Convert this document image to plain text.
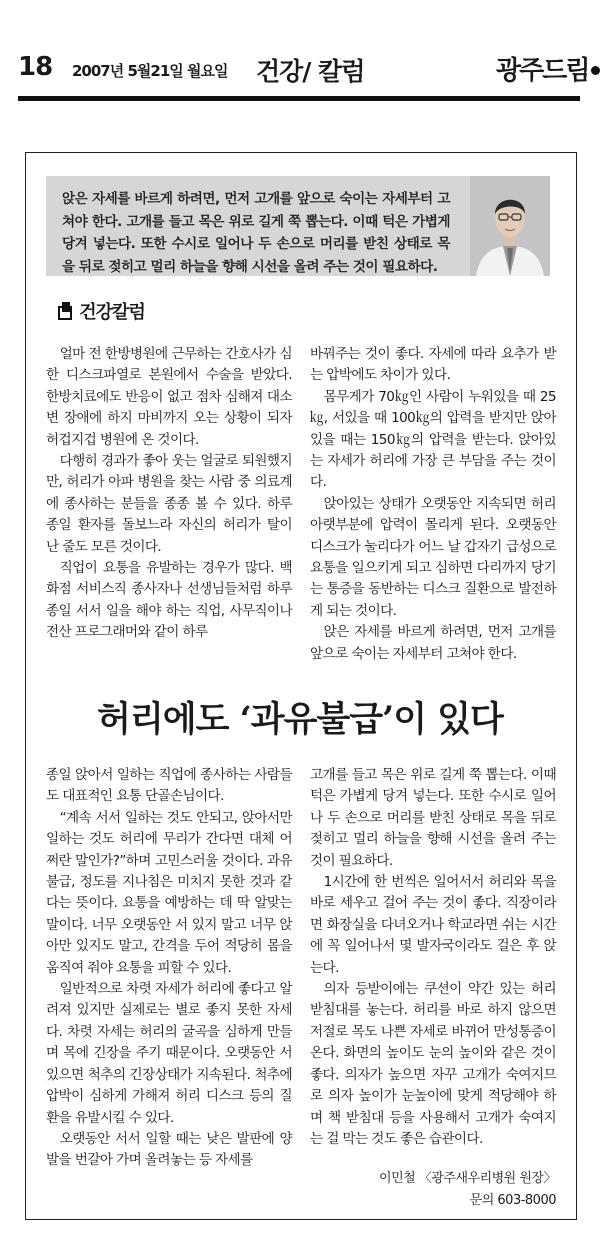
18 2007년 5월21일 월요일 건강/ 칼럼	광주드림
앉은 자세를 바르게 하려면, 먼저 고개를 앞으로 숙이는 자세부터 고쳐야 한다. 고개를 들고 목은 위로 길게 쭉 뽑는다. 이때 턱은 가볍게 당겨 넣는다. 또한 수시로 일어나 두 손으로 머리를 받친 상태로 목을 뒤로 젖히고 멀리 하늘을 향해 시선을 올려 주는 것이 필요하다.
건강칼럼

얼마 전 한방병원에 근무하는 간호사가 심한 디스크파열로 본원에서 수술을 받았다. 한방치료에도 반응이 없고 점차 심해져 대소변 장애에 하지 마비까지 오는 상황이 되자 허겁지겁 병원에 온 것이다.

다행히 경과가 좋아 웃는 얼굴로 퇴원했지만, 허리가 아파 병원을 찾는 사람 중 의료계에 종사하는 분들을 종종 볼 수 있다. 하루 종일 환자를 돌보느라 자신의 허리가 탈이 난 줄도 모른 것이다.

직업이 요통을 유발하는 경우가 많다. 백화점 서비스직 종사자나 선생님들처럼 하루 종일 서서 일을 해야 하는 직업, 사무직이나 전산 프로그래머와 같이 하루

바꿔주는 것이 좋다. 자세에 따라 요추가 받는 압박에도 차이가 있다.

몸무게가 70㎏인 사람이 누워있을 때 25㎏, 서있을 때 100㎏의 압력을 받지만 앉아 있을 때는 150㎏의 압력을 받는다. 앉아있는 자세가 허리에 가장 큰 부담을 주는 것이다.

앉아있는 상태가 오랫동안 지속되면 허리 아랫부분에 압력이 몰리게 된다. 오랫동안 디스크가 눌리다가 어느 날 갑자기 급성으로 요통을 일으키게 되고 심하면 다리까지 당기는 통증을 동반하는 디스크 질환으로 발전하게 되는 것이다.

앉은 자세를 바르게 하려면, 먼저 고개를 앞으로 숙이는 자세부터 고쳐야 한다.

허리에도 ‘과유불급’이 있다

종일 앉아서 일하는 직업에 종사하는 사람들도 대표적인 요통 단골손님이다.

“계속 서서 일하는 것도 안되고, 앉아서만 일하는 것도 허리에 무리가 간다면 대체 어쩌란 말인가?”하며 고민스러울 것이다. 과유불급, 정도를 지나침은 미치지 못한 것과 같다는 뜻이다. 요통을 예방하는 데 딱 알맞는 말이다. 너무 오랫동안 서 있지 말고 너무 앉아만 있지도 말고, 간격을 두어 적당히 몸을 움직여 줘야 요통을 피할 수 있다.

일반적으로 차렷 자세가 허리에 좋다고 알려져 있지만 실제로는 별로 좋지 못한 자세다. 차렷 자세는 허리의 굴곡을 심하게 만들며 목에 긴장을 주기 때문이다. 오랫동안 서 있으면 척추의 긴장상태가 지속된다. 척추에 압박이 심하게 가해져 허리 디스크 등의 질환을 유발시킬 수 있다.

오랫동안 서서 일할 때는 낮은 발판에 양발을 번갈아 가며 올려놓는 등 자세를

고개를 들고 목은 위로 길게 쭉 뽑는다. 이때 턱은 가볍게 당겨 넣는다. 또한 수시로 일어나 두 손으로 머리를 받친 상태로 목을 뒤로 젖히고 멀리 하늘을 향해 시선을 올려 주는 것이 필요하다.

1시간에 한 번씩은 일어서서 허리와 목을 바로 세우고 걸어 주는 것이 좋다. 직장이라면 화장실을 다녀오거나 학교라면 쉬는 시간에 꼭 일어나서 몇 발자국이라도 걸은 후 앉는다.

의자 등받이에는 쿠션이 약간 있는 허리 받침대를 놓는다. 허리를 바로 하지 않으면 저절로 목도 나쁜 자세로 바뀌어 만성통증이 온다. 화면의 높이도 눈의 높이와 같은 것이 좋다. 의자가 높으면 자꾸 고개가 숙여지므로 의자 높이가 눈높이에 맞게 적당해야 하며 책 받침대 등을 사용해서 고개가 숙여지는 걸 막는 것도 좋은 습관이다.

이민철 〈광주새우리병원 원장〉
문의 603-8000
